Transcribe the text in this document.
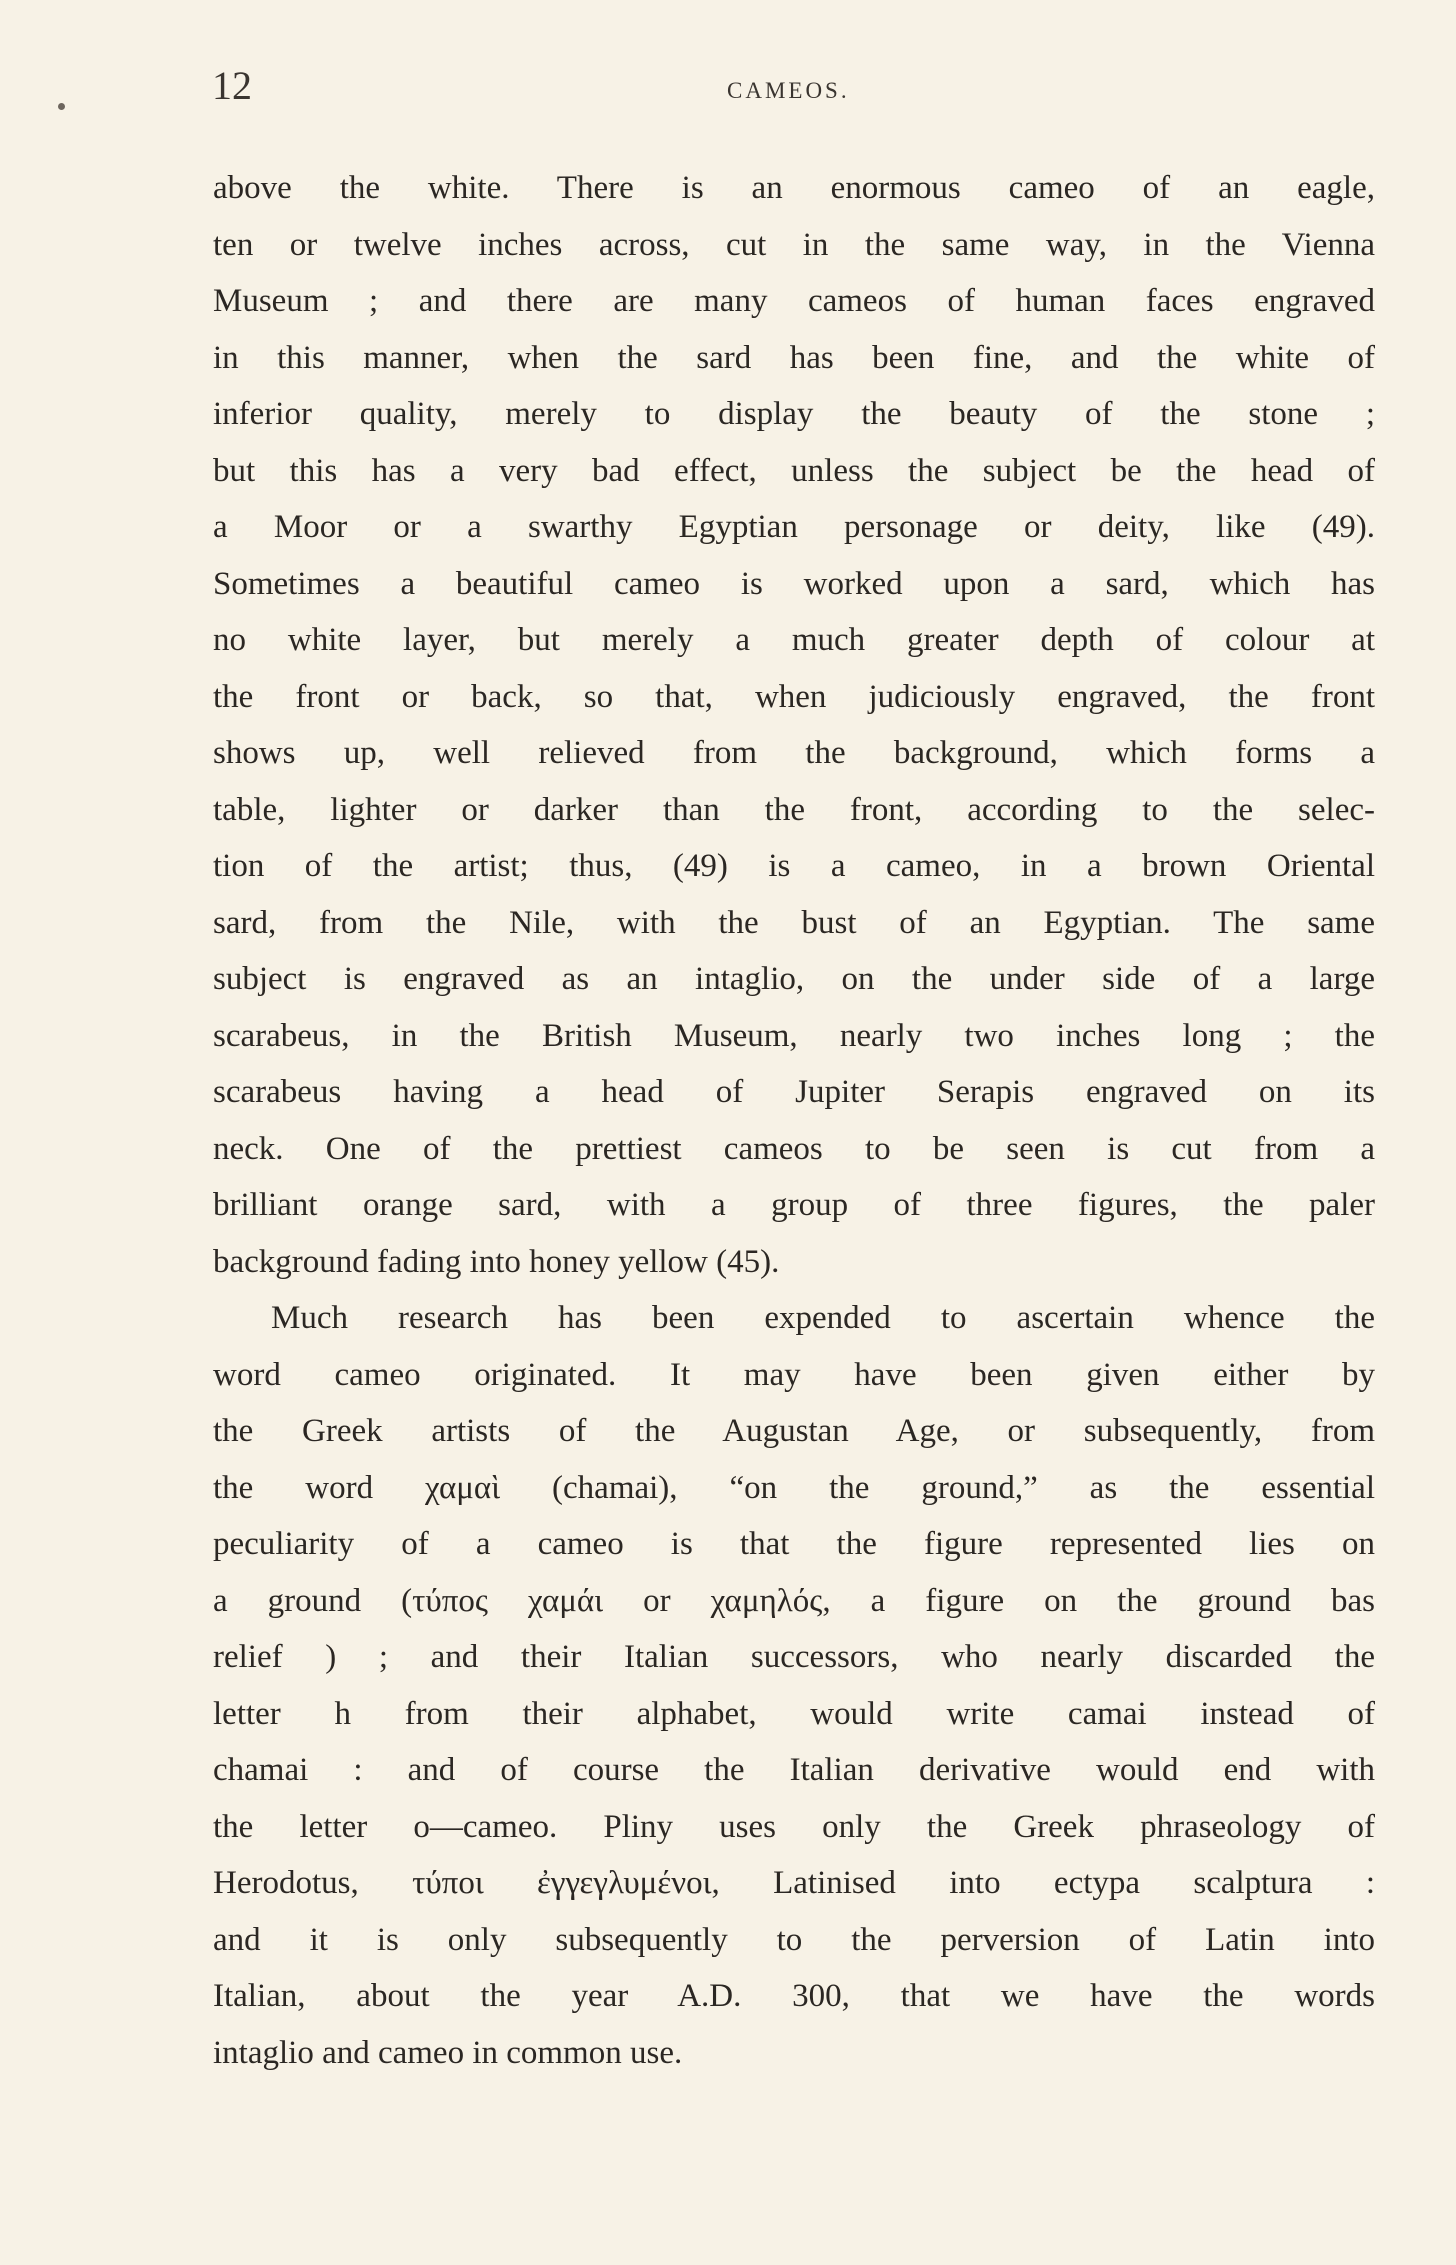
12	CAMEOS.
above the white. There is an enormous cameo of an eagle,
ten or twelve inches across, cut in the same way, in the Vienna
Museum ; and there are many cameos of human faces engraved
in this manner, when the sard has been fine, and the white of
inferior quality, merely to display the beauty of the stone ;
but this has a very bad effect, unless the subject be the head of
a Moor or a swarthy Egyptian personage or deity, like (49).
Sometimes a beautiful cameo is worked upon a sard, which has
no white layer, but merely a much greater depth of colour at
the front or back, so that, when judiciously engraved, the front
shows up, well relieved from the background, which forms a
table, lighter or darker than the front, according to the selec-
tion of the artist; thus, (49) is a cameo, in a brown Oriental
sard, from the Nile, with the bust of an Egyptian. The same
subject is engraved as an intaglio, on the under side of a large
scarabeus, in the British Museum, nearly two inches long ; the
scarabeus having a head of Jupiter Serapis engraved on its
neck. One of the prettiest cameos to be seen is cut from a
brilliant orange sard, with a group of three figures, the paler
background fading into honey yellow (45).
Much research has been expended to ascertain whence the
word cameo originated. It may have been given either by
the Greek artists of the Augustan Age, or subsequently, from
the word χαμαὶ (chamai), “on the ground,” as the essential
peculiarity of a cameo is that the figure represented lies on
a ground (τύπος χαμάι or χαμηλός, a figure on the ground bas
relief ) ; and their Italian successors, who nearly discarded the
letter h from their alphabet, would write camai instead of
chamai : and of course the Italian derivative would end with
the letter o—cameo. Pliny uses only the Greek phraseology of
Herodotus, τύποι ἐγγεγλυμένοι, Latinised into ectypa scalptura :
and it is only subsequently to the perversion of Latin into
Italian, about the year A.D. 300, that we have the words
intaglio and cameo in common use.
